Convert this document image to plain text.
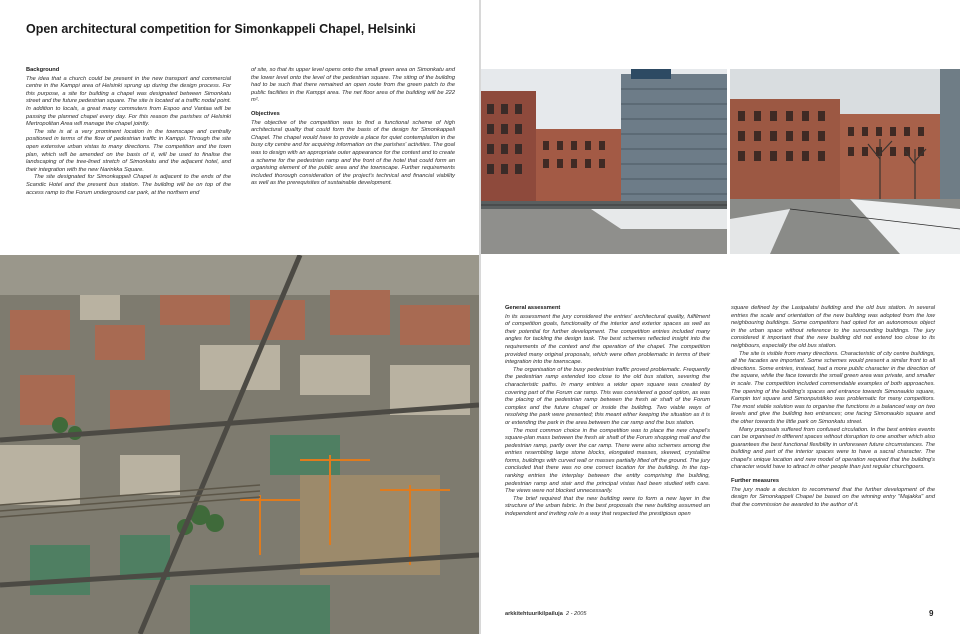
Open architectural competition for Simonkappeli Chapel, Helsinki
Background

The idea that a church could be present in the new transport and commercial centre in the Kamppi area of Helsinki sprung up during the design process. For this purpose, a site for building a chapel was designated between Simonkatu street and the future pedestrian square. The site is located at a traffic nodal point. In addition to locals, a great many commuters from Espoo and Vantaa will be passing the planned chapel every day. For this reason the parishes of Helsinki Mertropolitan Area will manage the chapel jointly.

The site is at a very prominent location in the townscape and centrally positioned in terms of the flow of pedestrian traffic in Kamppi. Through the site open extensive urban vistas to many directions. The competition and the town plan, which will be amended on the basis of it, will be used to finalise the landscaping of the tree-lined stretch of Simonkatu and the adjacent hotel, and their integration with the new Narinkka Square.

The site designated for Simonkappeli Chapel is adjacent to the ends of the Scandic Hotel and the present bus station. The building will be on top of the access ramp to the Forum underground car park, at the northern end

of site, so that its upper level opens onto the small green area on Simonkatu and the lower level onto the level of the pedestrian square. The siting of the building had to be such that there remained an open route from the green patch to the public facilities in the Kamppi area. The net floor area of the building will be 222 m².

Objectives

The objective of the competition was to find a functional scheme of high architectural quality that could form the basis of the design for Simonkappeli Chapel. The chapel would have to provide a place for quiet contemplation in the busy city centre and for acquiring information on the parishes' activities. The goal was to design with an appropriate outer appearance for the context and to create a scheme for the pedestrian ramp and the front of the hotel that could form an organising element of the public area and the townscape. Further requirements included thorough consideration of the project's technical and financial viability as well as the prerequisites of sustainable development.

General assessment

In its assessment the jury considered the entries' architectural quality, fulfilment of competition goals, functionality of the interior and exterior spaces as well as their potential for further development. The competition entries included many angles for tackling the design task. The best schemes reflected insight into the requirements of the context and the operation of the chapel. The competition provided many original proposals, which were often problematic in terms of their integration into the townscape.

The organisation of the busy pedestrian traffic proved problematic. Frequently the pedestrian ramp extended too close to the old bus station, severing the characteristic paths. In many entries a wider open square was created by covering part of the Forum car ramp. This was considered a good option, as was the placing of the pedestrian ramp between the fresh air shaft of the Forum complex and the future chapel or inside the building. Two viable ways of resolving the park were presented; this meant either keeping the situation as it is or extending the park in the area between the car ramp and the bus station.

The most common choice in the competition was to place the new chapel's square-plan mass between the fresh air shaft of the Forum shopping mall and the pedestrian ramp, partly over the car ramp. There were also schemes among the entries resembling large stone blocks, elongated masses, skewed, crystalline forms, buildings with curved wall or masses partially lifted off the ground. The jury concluded that there was no one correct location for the building. In the top-ranking entries the interplay between the entity comprising the building, pedestrian ramp and stair and the principal vistas had been studied with care. The views were not blocked unnecessarily.

The brief required that the new building were to form a new layer in the structure of the urban fabric. In the best proposals the new building assumed an independent and inviting role in a way that respected the prestigious open

square defined by the Lasipalatsi building and the old bus station. In several entries the scale and orientation of the new building was adopted from the low neighbouring buildings. Some competitors had opted for an autonomous object in the urban space without reference to the surrounding buildings. The jury considered it important that the new building did not extend too close to its neighbours, especially the old bus station.

The site is visible from many directions. Characteristic of city centre buildings, all the facades are important. Some schemes would present a similar front to all directions. Some entries, instead, had a more public character in the direction of the square, while the face towards the small green area was private, and smaller in scale. The competition included commendable examples of both approaches. The opening of the building's spaces and entrance towards Simonaukio square, Kampin tori square and Simonpuistikko was problematic for many competitors. The most viable solution was to organise the functions in a balanced way on two levels and give the building two entrances; one facing Simonaukio square and the other towards the little park on Simonkatu street.

Many proposals suffered from confused circulation. In the best entries events can be organised in different spaces without disruption to one another which also guarantees the best functional flexibility in unforeseen future circumstances. The building and part of the interior spaces were to have a sacral character. The chapel's unique location and new model of operation required that the building's character would have to attract in other people than just regular churchgoers.

Further measures

The jury made a decision to recommend that the further development of the design for Simonkappeli Chapel be based on the winning entry "Majakka" and that the commission be awarded to the author of it.

arkkitehtuurikilpailuja 2 - 2005	9
